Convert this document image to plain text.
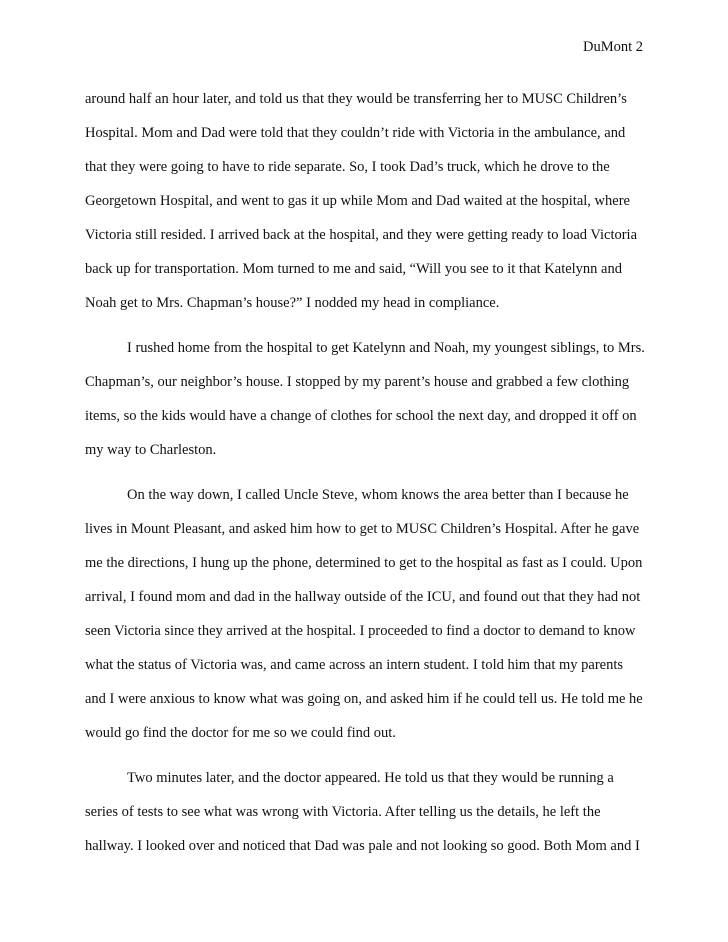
DuMont 2

around half an hour later, and told us that they would be transferring her to MUSC Children’s

Hospital. Mom and Dad were told that they couldn’t ride with Victoria in the ambulance, and

that they were going to have to ride separate. So, I took Dad’s truck, which he drove to the

Georgetown Hospital, and went to gas it up while Mom and Dad waited at the hospital, where

Victoria still resided. I arrived back at the hospital, and they were getting ready to load Victoria

back up for transportation. Mom turned to me and said, “Will you see to it that Katelynn and

Noah get to Mrs. Chapman’s house?” I nodded my head in compliance.

I rushed home from the hospital to get Katelynn and Noah, my youngest siblings, to Mrs.

Chapman’s, our neighbor’s house. I stopped by my parent’s house and grabbed a few clothing

items, so the kids would have a change of clothes for school the next day, and dropped it off on

my way to Charleston.

On the way down, I called Uncle Steve, whom knows the area better than I because he

lives in Mount Pleasant, and asked him how to get to MUSC Children’s Hospital. After he gave

me the directions, I hung up the phone, determined to get to the hospital as fast as I could. Upon

arrival, I found mom and dad in the hallway outside of the ICU, and found out that they had not

seen Victoria since they arrived at the hospital. I proceeded to find a doctor to demand to know

what the status of Victoria was, and came across an intern student. I told him that my parents

and I were anxious to know what was going on, and asked him if he could tell us. He told me he

would go find the doctor for me so we could find out.

Two minutes later, and the doctor appeared. He told us that they would be running a

series of tests to see what was wrong with Victoria. After telling us the details, he left the

hallway. I looked over and noticed that Dad was pale and not looking so good. Both Mom and I
